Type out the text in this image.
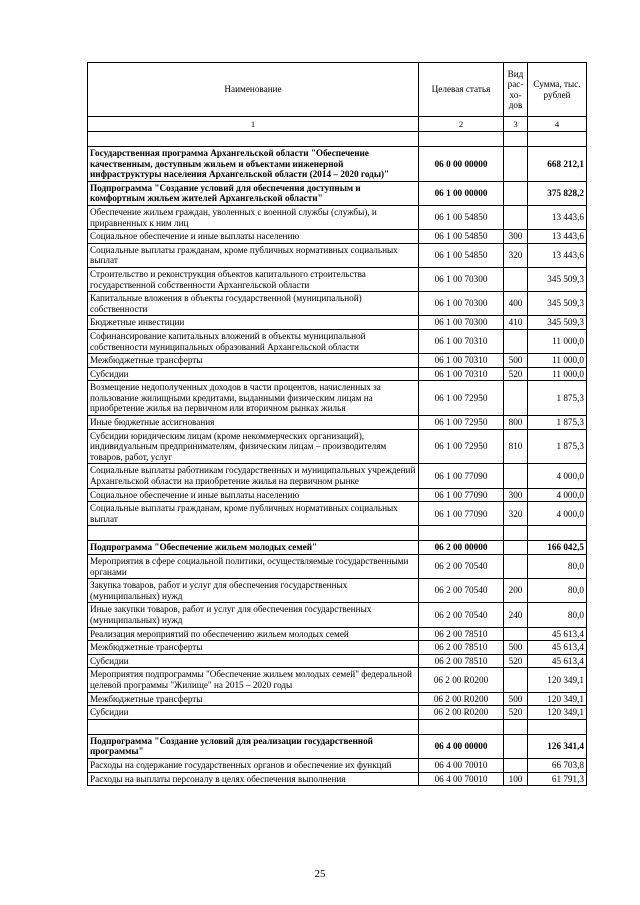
Наименование	Целевая статья	Вид рас-хо-дов	Сумма, тыс. рублей
1	2	3	4

Государственная программа Архангельской области "Обеспечение качественным, доступным жильем и объектами инженерной инфраструктуры населения Архангельской области (2014 – 2020 годы)"	06 0 00 00000		668 212,1
Подпрограмма "Создание условий для обеспечения доступным и комфортным жильем жителей Архангельской области"	06 1 00 00000		375 828,2
Обеспечение жильем граждан, уволенных с военной службы (службы), и приравненных к ним лиц	06 1 00 54850		13 443,6
Социальное обеспечение и иные выплаты населению	06 1 00 54850	300	13 443,6
Социальные выплаты гражданам, кроме публичных нормативных социальных выплат	06 1 00 54850	320	13 443,6
Строительство и реконструкция объектов капитального строительства государственной собственности Архангельской области	06 1 00 70300		345 509,3
Капитальные вложения в объекты государственной (муниципальной) собственности	06 1 00 70300	400	345 509,3
Бюджетные инвестиции	06 1 00 70300	410	345 509,3
Софинансирование капитальных вложений в объекты муниципальной собственности муниципальных образований Архангельской области	06 1 00 70310		11 000,0
Межбюджетные трансферты	06 1 00 70310	500	11 000,0
Субсидии	06 1 00 70310	520	11 000,0
Возмещение недополученных доходов в части процентов, начисленных за пользование жилищными кредитами, выданными физическим лицам на приобретение жилья на первичном или вторичном рынках жилья	06 1 00 72950		1 875,3
Иные бюджетные ассигнования	06 1 00 72950	800	1 875,3
Субсидии юридическим лицам (кроме некоммерческих организаций), индивидуальным предпринимателям, физическим лицам – производителям товаров, работ, услуг	06 1 00 72950	810	1 875,3
Социальные выплаты работникам государственных и муниципальных учреждений Архангельской области на приобретение жилья на первичном рынке	06 1 00 77090		4 000,0
Социальное обеспечение и иные выплаты населению	06 1 00 77090	300	4 000,0
Социальные выплаты гражданам, кроме публичных нормативных социальных выплат	06 1 00 77090	320	4 000,0

Подпрограмма "Обеспечение жильем молодых семей"	06 2 00 00000		166 042,5
Мероприятия в сфере социальной политики, осуществляемые государственными органами	06 2 00 70540		80,0
Закупка товаров, работ и услуг для обеспечения государственных (муниципальных) нужд	06 2 00 70540	200	80,0
Иные закупки товаров, работ и услуг для обеспечения государственных (муниципальных) нужд	06 2 00 70540	240	80,0
Реализация мероприятий по обеспечению жильем молодых семей	06 2 00 78510		45 613,4
Межбюджетные трансферты	06 2 00 78510	500	45 613,4
Субсидии	06 2 00 78510	520	45 613,4
Мероприятия подпрограммы "Обеспечение жильем молодых семей" федеральной целевой программы "Жилище" на 2015 – 2020 годы	06 2 00 R0200		120 349,1
Межбюджетные трансферты	06 2 00 R0200	500	120 349,1
Субсидии	06 2 00 R0200	520	120 349,1

Подпрограмма "Создание условий для реализации государственной программы"	06 4 00 00000		126 341,4
Расходы на содержание государственных органов и обеспечение их функций	06 4 00 70010		66 703,8
Расходы на выплаты персоналу в целях обеспечения выполнения	06 4 00 70010	100	61 791,3
25
